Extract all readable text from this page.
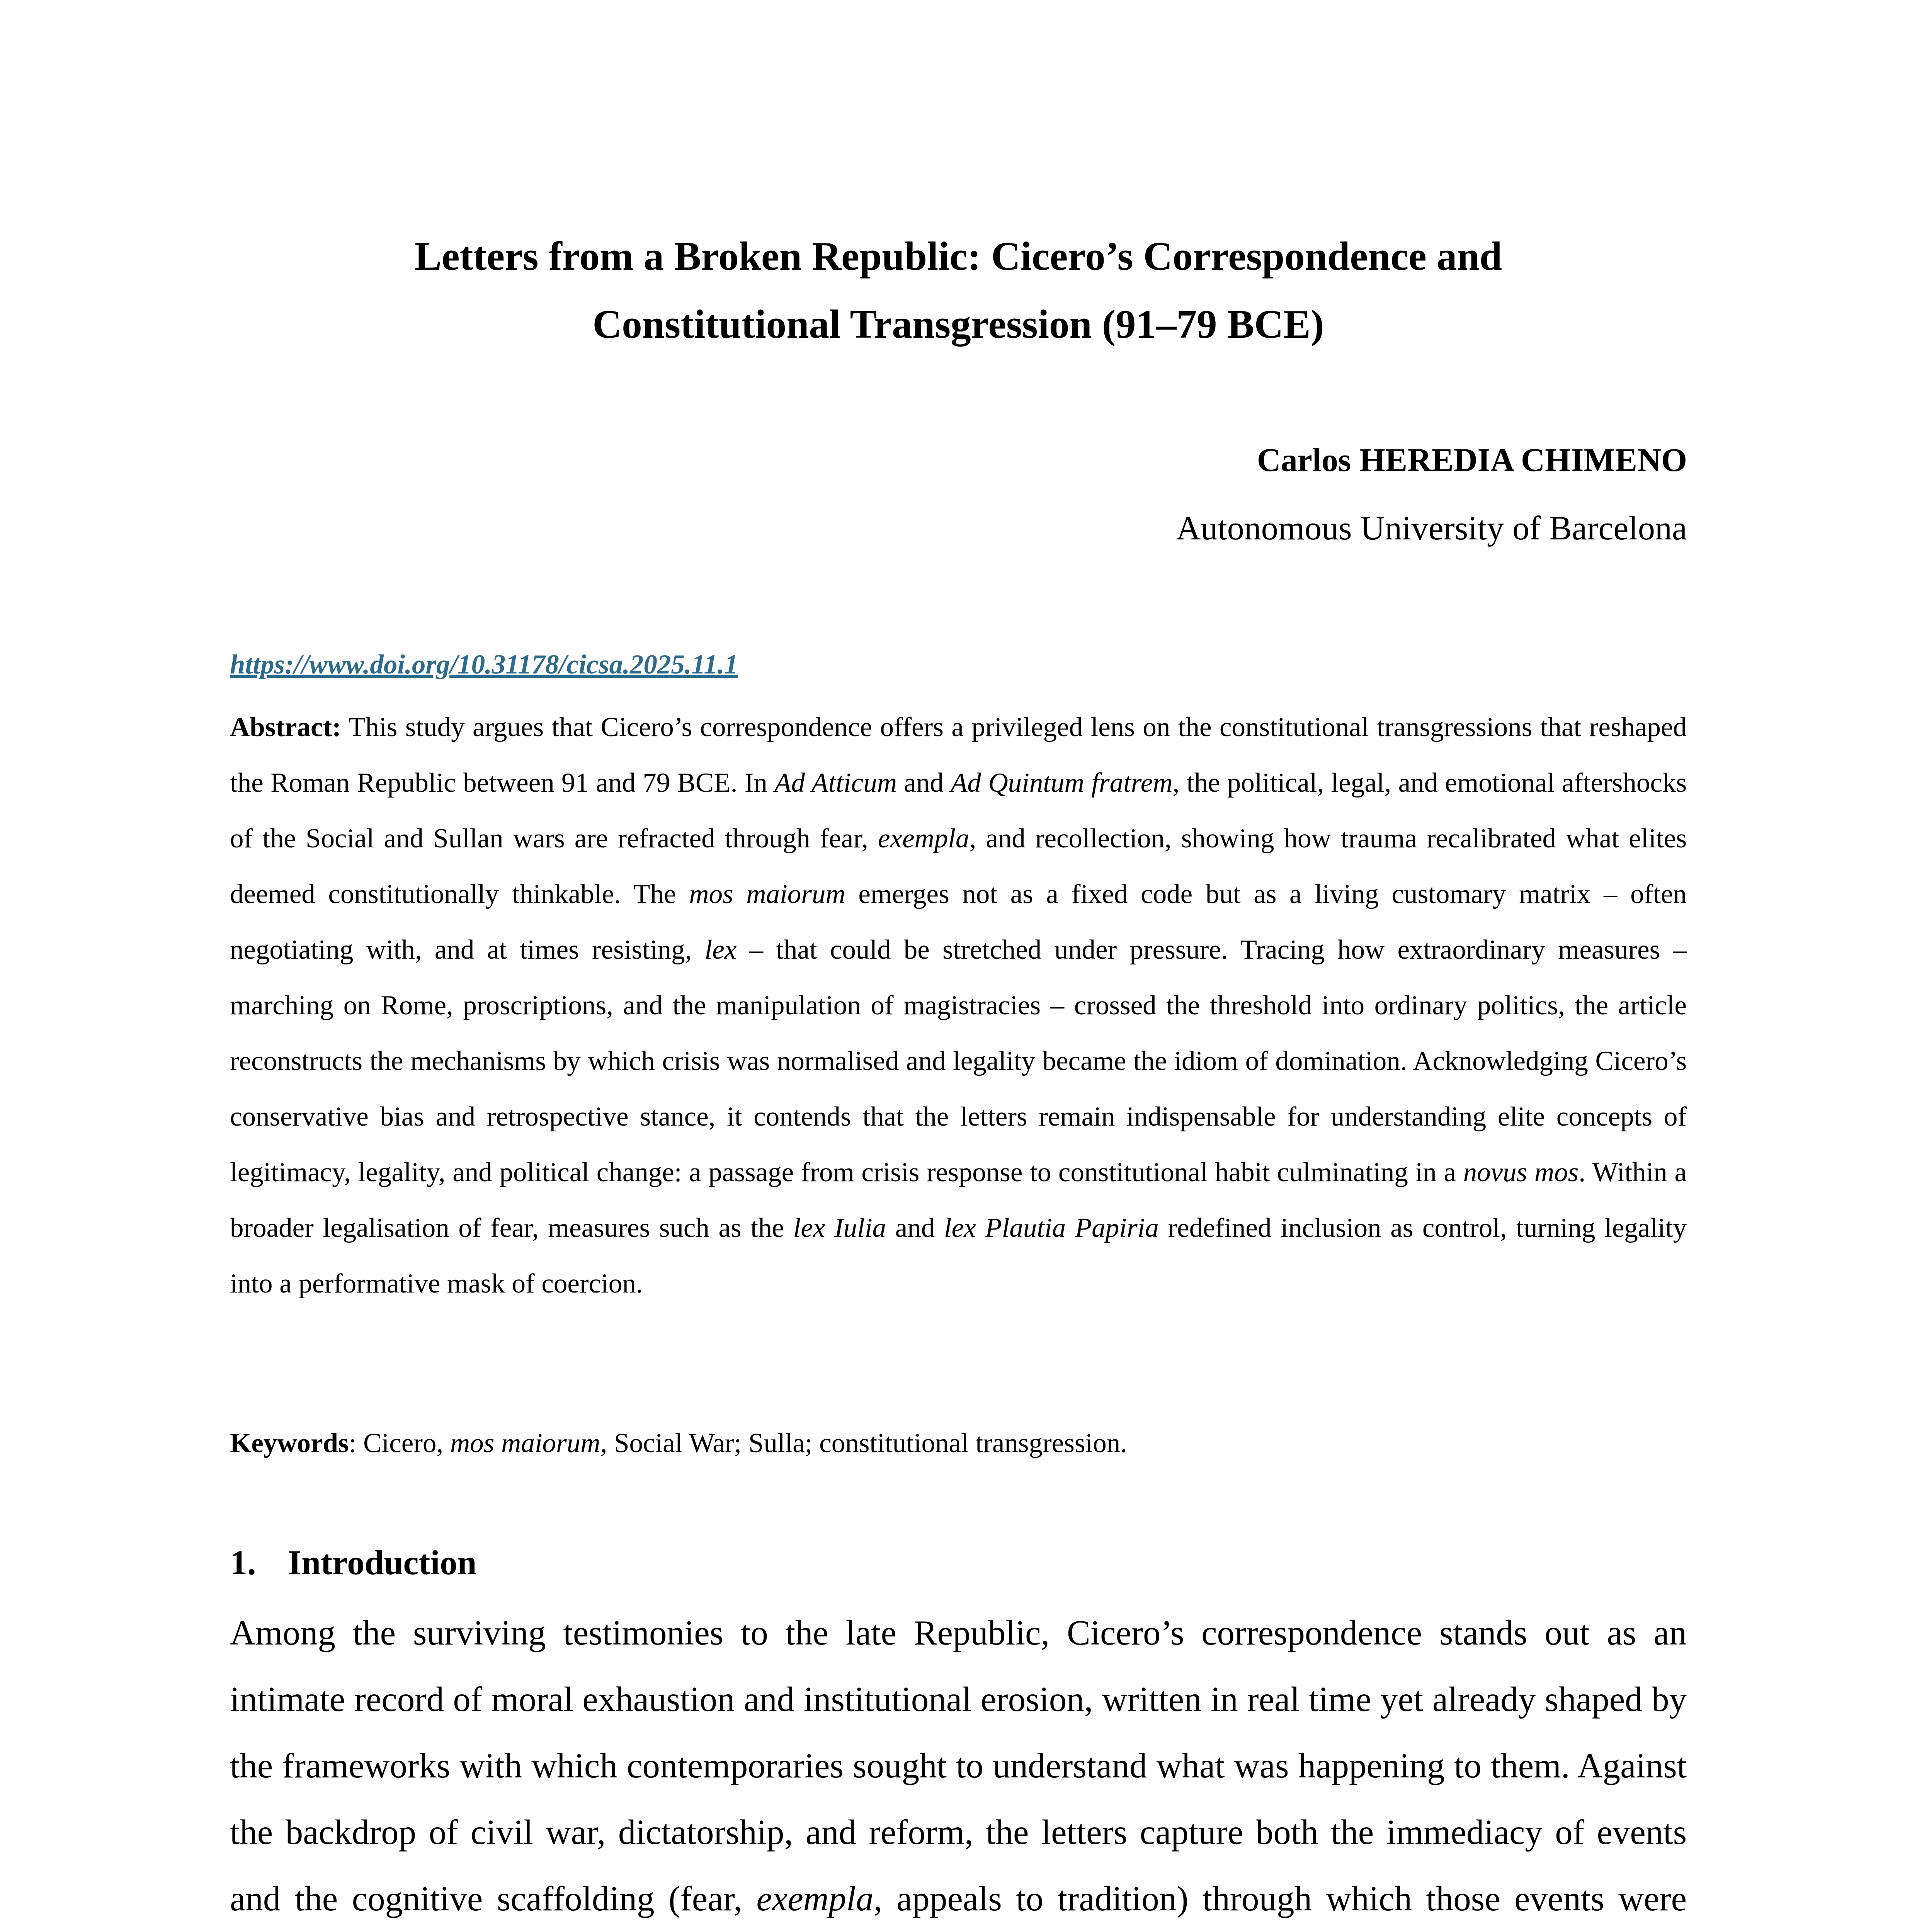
Letters from a Broken Republic: Cicero’s Correspondence and
Constitutional Transgression (91–79 BCE)
Carlos HEREDIA CHIMENO
Autonomous University of Barcelona
https://www.doi.org/10.31178/cicsa.2025.11.1

Abstract: This study argues that Cicero’s correspondence offers a privileged lens on the constitutional transgressions that reshaped the Roman Republic between 91 and 79 BCE. In Ad Atticum and Ad Quintum fratrem, the political, legal, and emotional aftershocks of the Social and Sullan wars are refracted through fear, exempla, and recollection, showing how trauma recalibrated what elites deemed constitutionally thinkable. The mos maiorum emerges not as a fixed code but as a living customary matrix – often negotiating with, and at times resisting, lex – that could be stretched under pressure. Tracing how extraordinary measures – marching on Rome, proscriptions, and the manipulation of magistracies – crossed the threshold into ordinary politics, the article reconstructs the mechanisms by which crisis was normalised and legality became the idiom of domination. Acknowledging Cicero’s conservative bias and retrospective stance, it contends that the letters remain indispensable for understanding elite concepts of legitimacy, legality, and political change: a passage from crisis response to constitutional habit culminating in a novus mos. Within a broader legalisation of fear, measures such as the lex Iulia and lex Plautia Papiria redefined inclusion as control, turning legality into a performative mask of coercion.

Keywords: Cicero, mos maiorum, Social War; Sulla; constitutional transgression.
1. Introduction

Among the surviving testimonies to the late Republic, Cicero’s correspondence stands out as an intimate record of moral exhaustion and institutional erosion, written in real time yet already shaped by the frameworks with which contemporaries sought to understand what was happening to them. Against the backdrop of civil war, dictatorship, and reform, the letters capture both the immediacy of events and the cognitive scaffolding (fear, exempla, appeals to tradition) through which those events were
